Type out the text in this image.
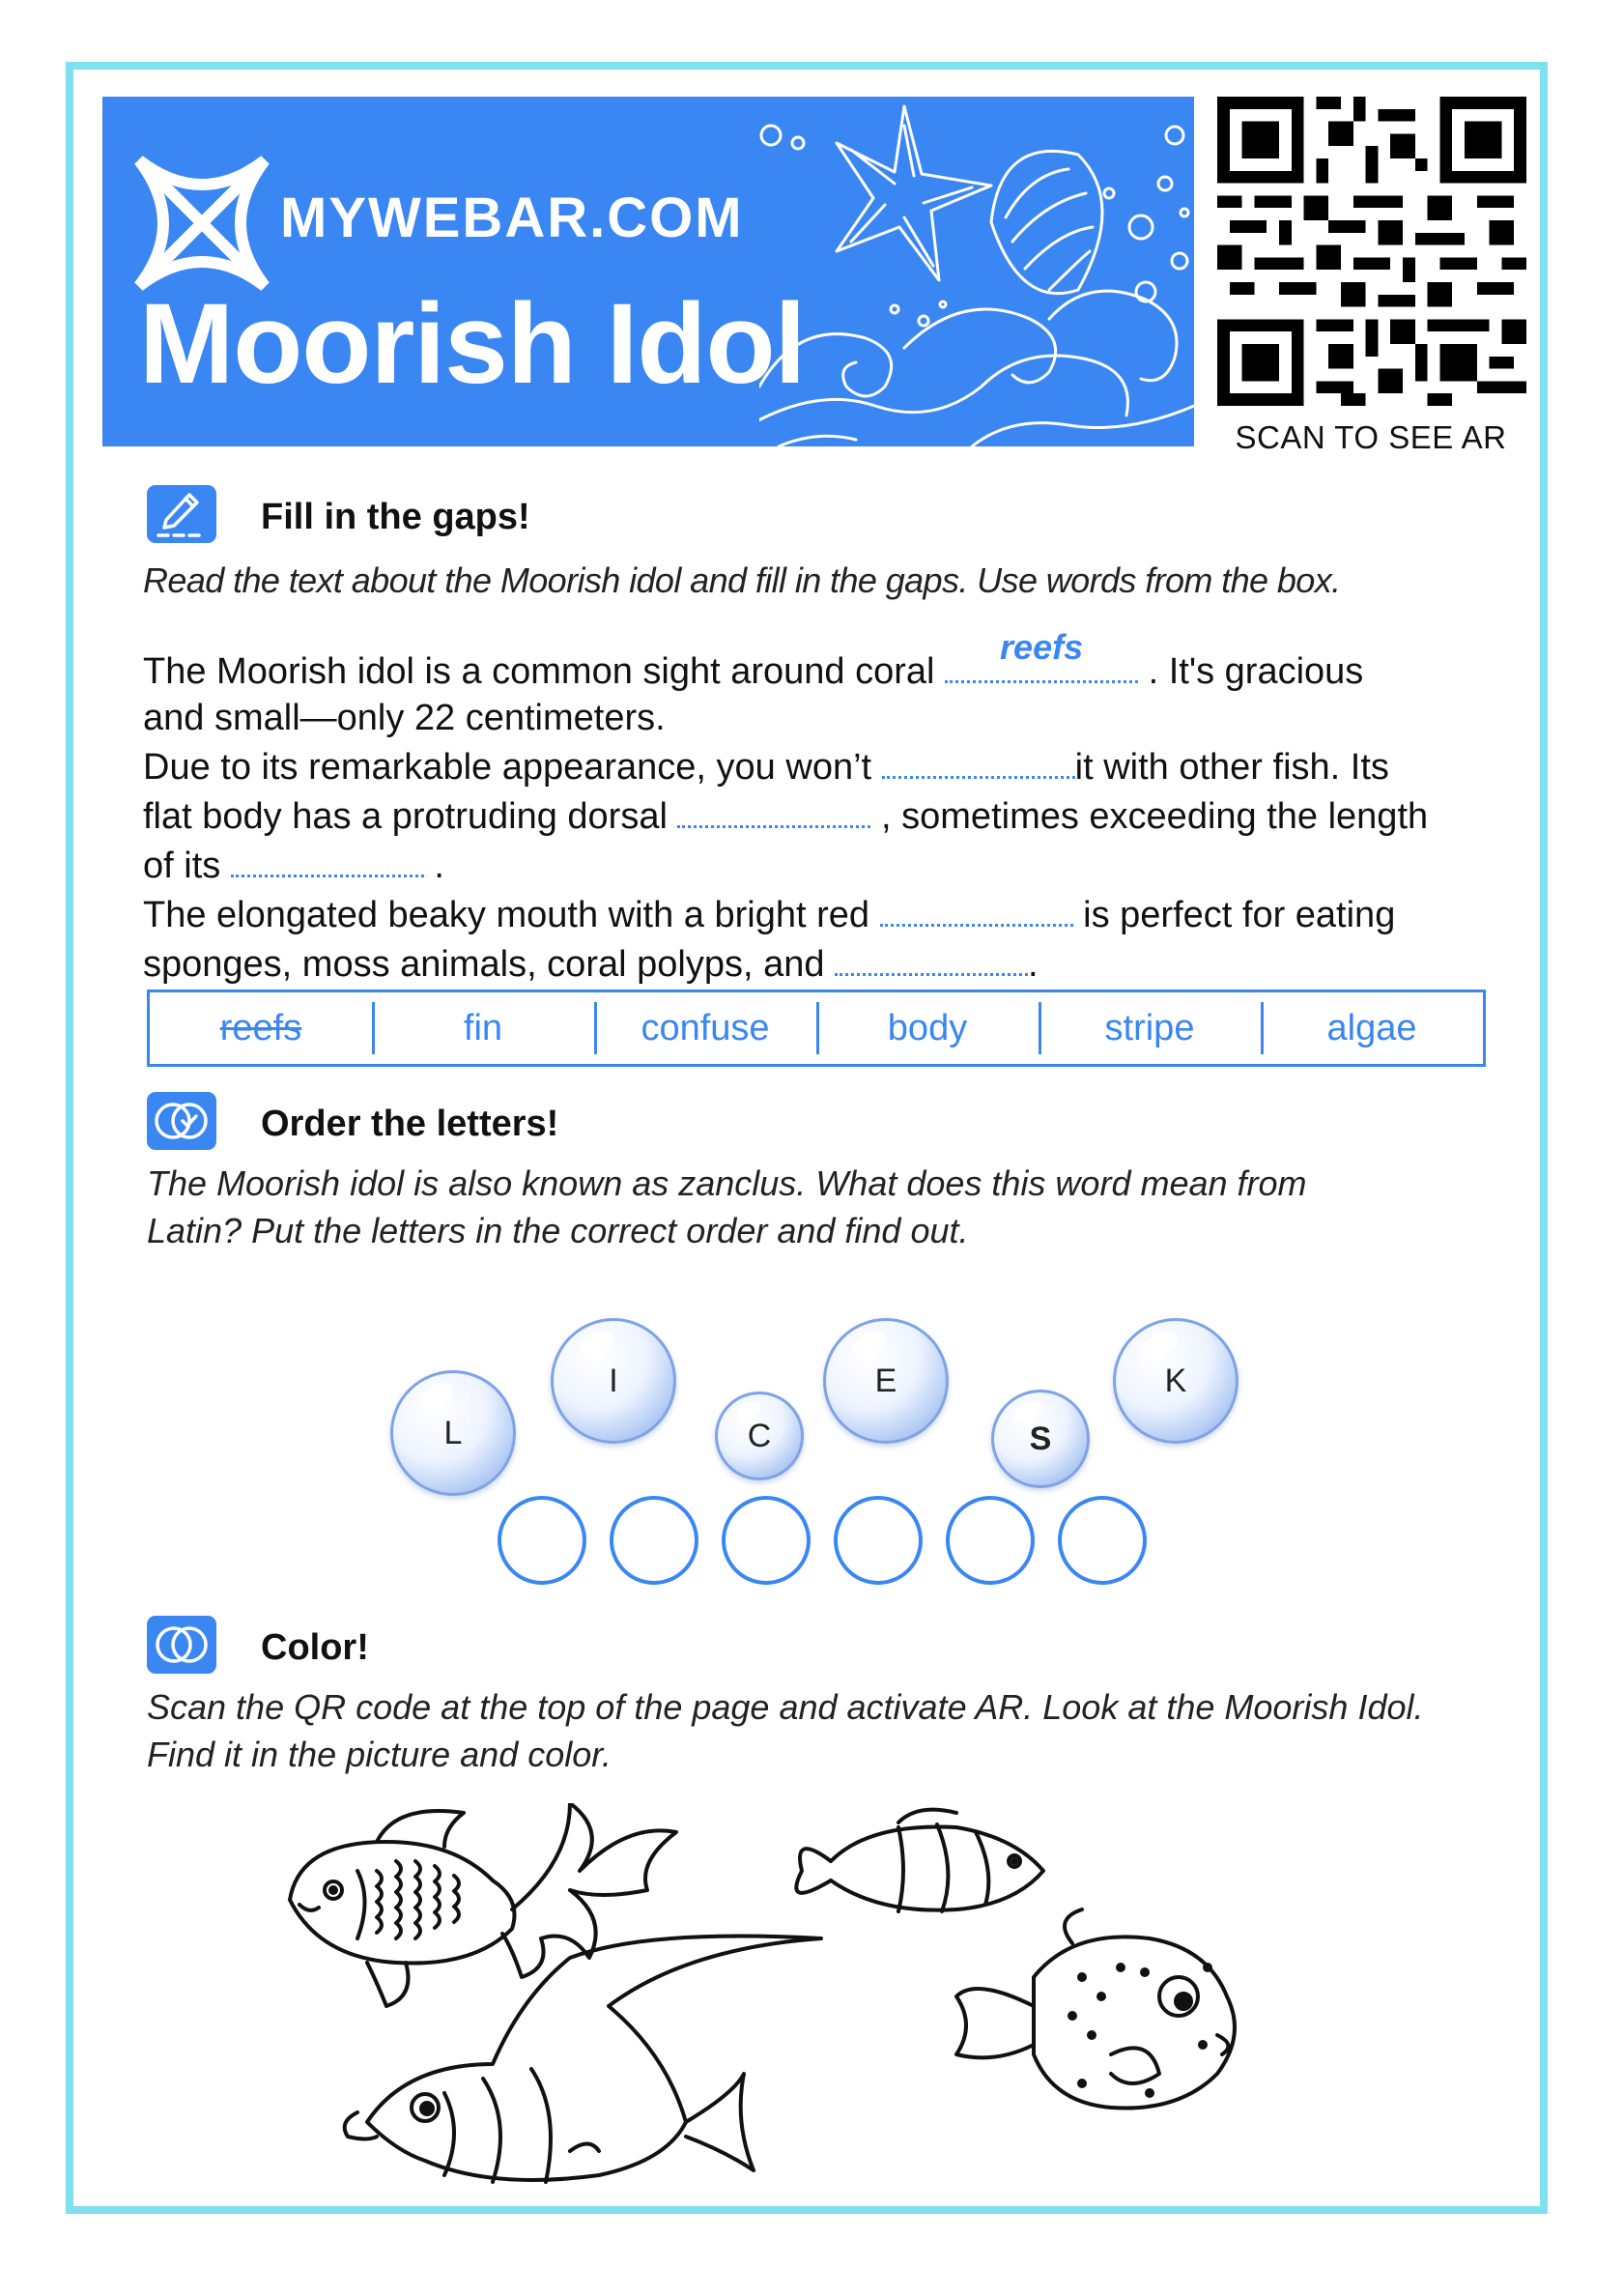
MYWEBAR.COM
Moorish Idol
SCAN TO SEE AR
Fill in the gaps!
Read the text about the Moorish idol and fill in the gaps. Use words from the box.
The Moorish idol is a common sight around coral
reefs
. It's gracious
and small—only 22 centimeters.
Due to its remarkable appearance, you won’t	it with other fish. Its
flat body has a protruding dorsal	, sometimes exceeding the length
of its	.
The elongated beaky mouth with a bright red	is perfect for eating
sponges, moss animals, coral polyps, and	.
reefs	fin	confuse	body	stripe	algae
Order the letters!
The Moorish idol is also known as zanclus. What does this word mean from
Latin? Put the letters in the correct order and find out.
L
I
C
E
S
K
Color!
Scan the QR code at the top of the page and activate AR. Look at the Moorish Idol.
Find it in the picture and color.
